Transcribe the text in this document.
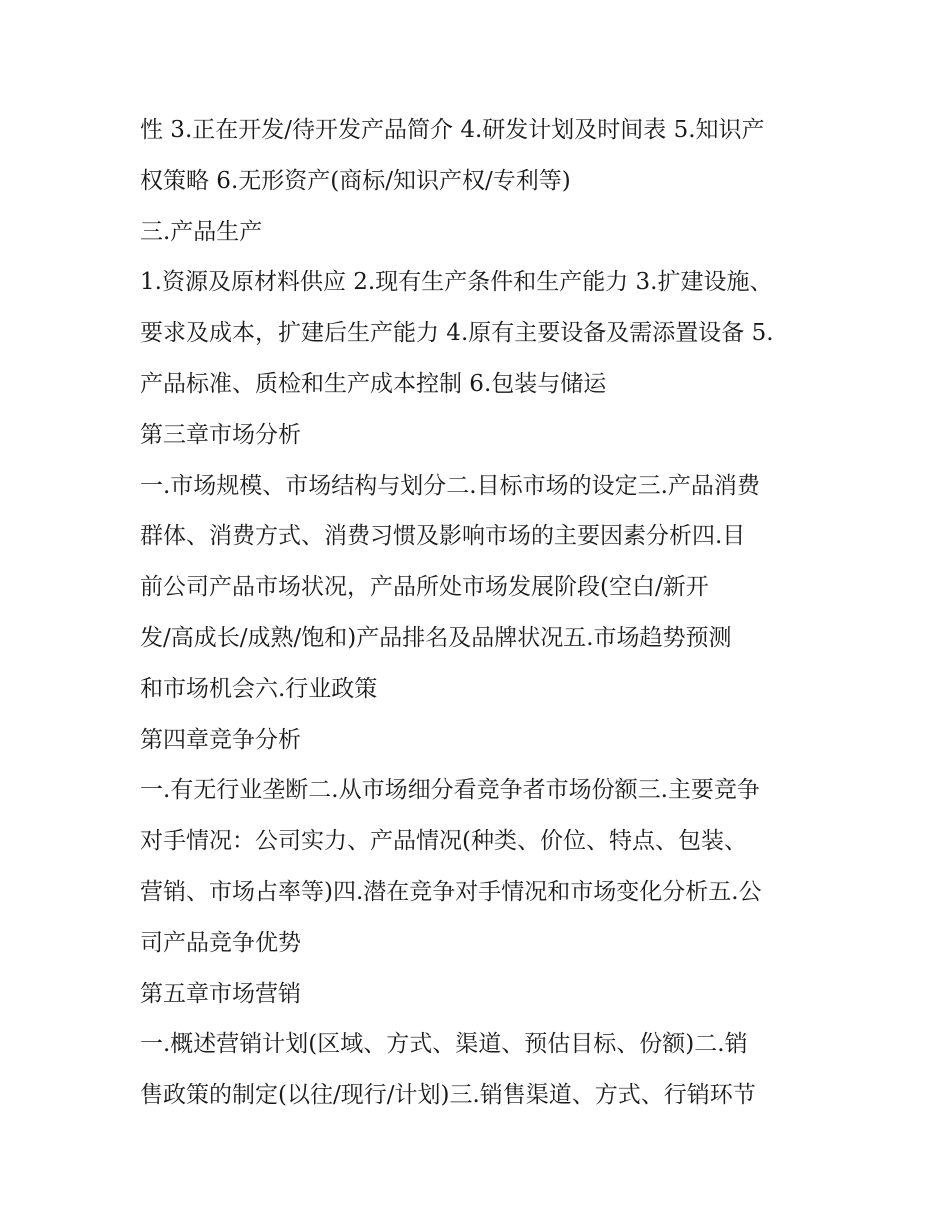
性 3.正在开发/待开发产品简介 4.研发计划及时间表 5.知识产

权策略 6.无形资产(商标/知识产权/专利等)

三.产品生产

1.资源及原材料供应 2.现有生产条件和生产能力 3.扩建设施、

要求及成本，扩建后生产能力 4.原有主要设备及需添置设备 5.

产品标准、质检和生产成本控制 6.包装与储运

第三章市场分析

一.市场规模、市场结构与划分二.目标市场的设定三.产品消费

群体、消费方式、消费习惯及影响市场的主要因素分析四.目

前公司产品市场状况，产品所处市场发展阶段(空白/新开

发/高成长/成熟/饱和)产品排名及品牌状况五.市场趋势预测

和市场机会六.行业政策

第四章竞争分析

一.有无行业垄断二.从市场细分看竞争者市场份额三.主要竞争

对手情况：公司实力、产品情况(种类、价位、特点、包装、

营销、市场占率等)四.潜在竞争对手情况和市场变化分析五.公

司产品竞争优势

第五章市场营销

一.概述营销计划(区域、方式、渠道、预估目标、份额)二.销

售政策的制定(以往/现行/计划)三.销售渠道、方式、行销环节
